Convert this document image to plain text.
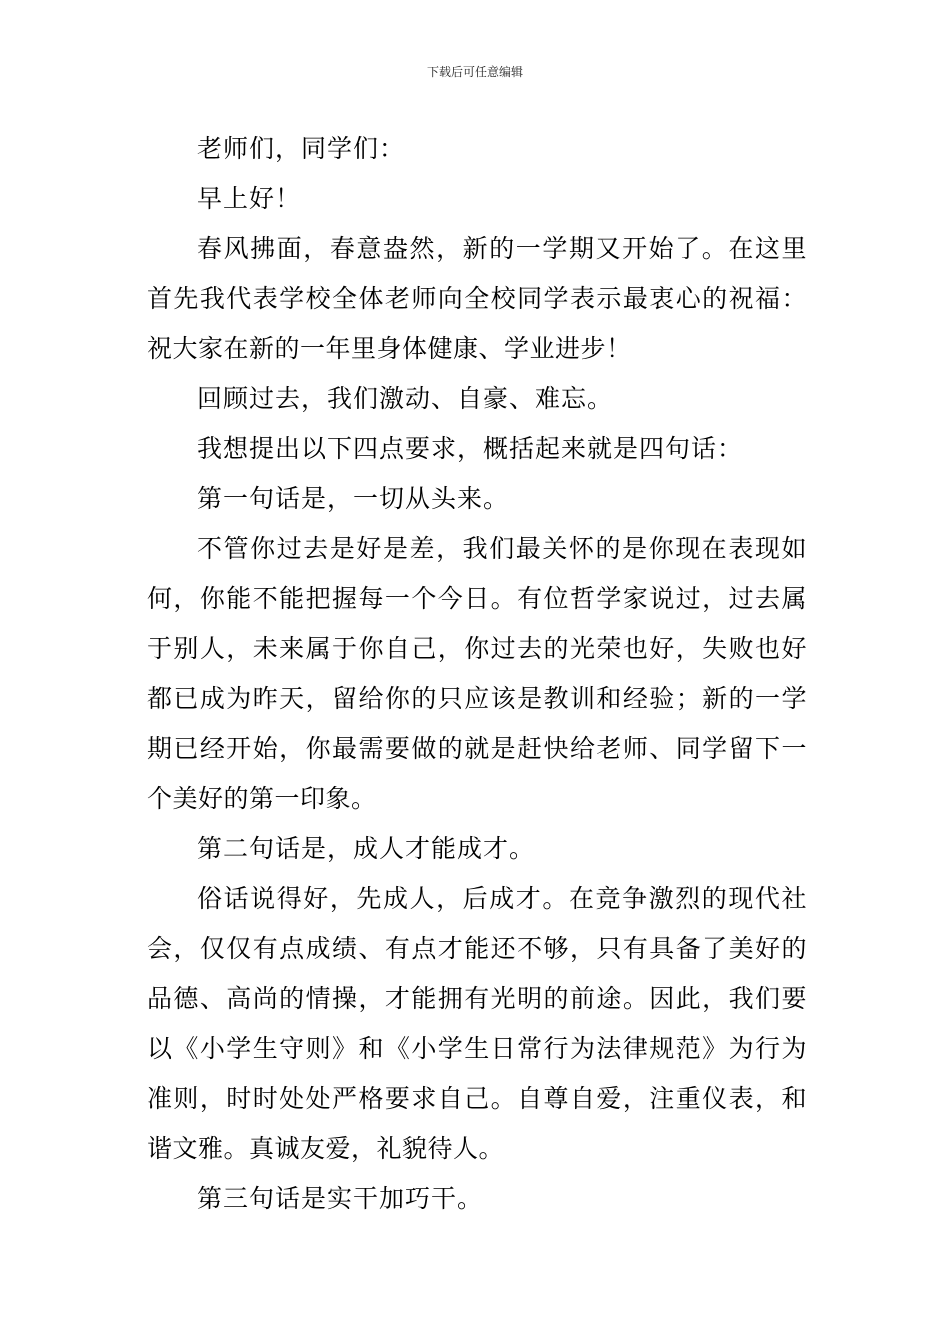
下载后可任意编辑

老师们，同学们：

早上好！

春风拂面，春意盎然，新的一学期又开始了。在这里首先我代表学校全体老师向全校同学表示最衷心的祝福：祝大家在新的一年里身体健康、学业进步！

回顾过去，我们激动、自豪、难忘。

我想提出以下四点要求，概括起来就是四句话：

第一句话是，一切从头来。

不管你过去是好是差，我们最关怀的是你现在表现如何，你能不能把握每一个今日。有位哲学家说过，过去属于别人，未来属于你自己，你过去的光荣也好，失败也好都已成为昨天，留给你的只应该是教训和经验；新的一学期已经开始，你最需要做的就是赶快给老师、同学留下一个美好的第一印象。

第二句话是，成人才能成才。

俗话说得好，先成人，后成才。在竞争激烈的现代社会，仅仅有点成绩、有点才能还不够，只有具备了美好的品德、高尚的情操，才能拥有光明的前途。因此，我们要以《小学生守则》和《小学生日常行为法律规范》为行为准则，时时处处严格要求自己。自尊自爱，注重仪表，和谐文雅。真诚友爱，礼貌待人。

第三句话是实干加巧干。
